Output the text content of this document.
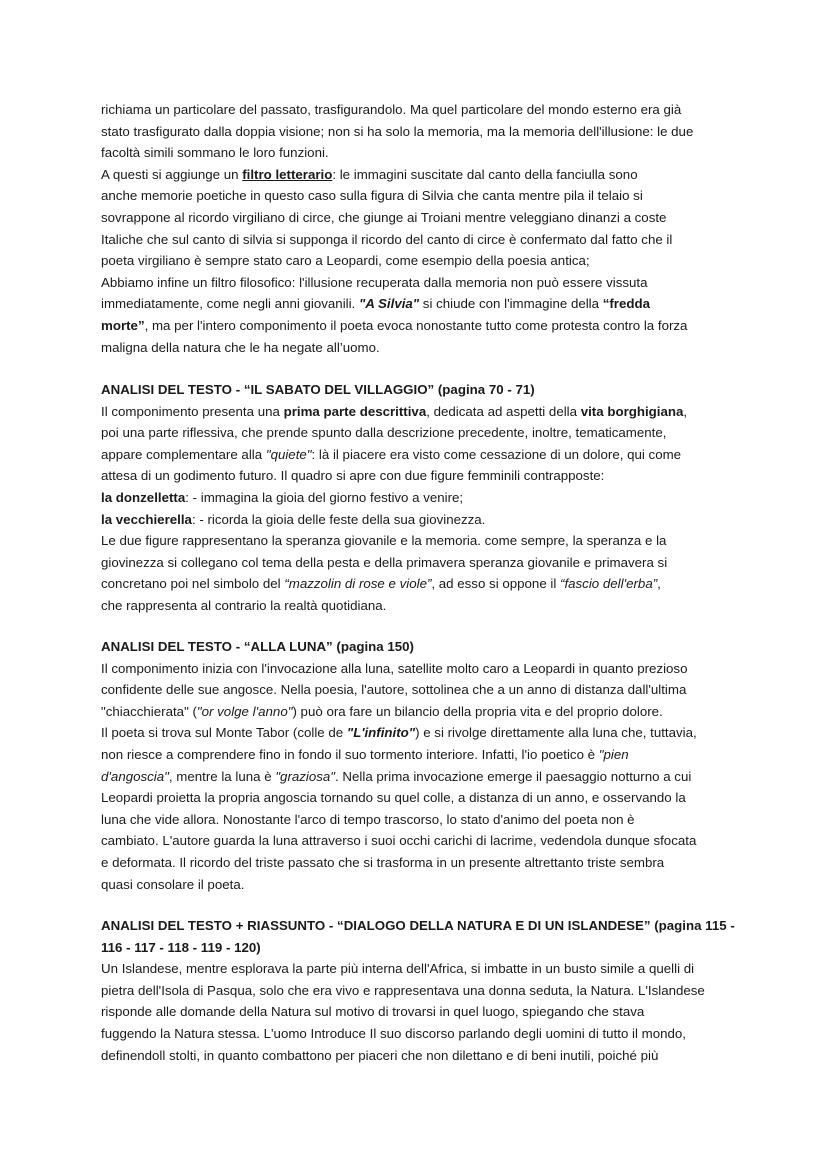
richiama un particolare del passato, trasfigurandolo. Ma quel particolare del mondo esterno era già
stato trasfigurato dalla doppia visione; non si ha solo la memoria, ma la memoria dell'illusione: le due
facoltà simili sommano le loro funzioni.
A questi si aggiunge un filtro letterario: le immagini suscitate dal canto della fanciulla sono
anche memorie poetiche in questo caso sulla figura di Silvia che canta mentre pila il telaio si
sovrappone al ricordo virgiliano di circe, che giunge ai Troiani mentre veleggiano dinanzi a coste
Italiche che sul canto di silvia si supponga il ricordo del canto di circe è confermato dal fatto che il
poeta virgiliano è sempre stato caro a Leopardi, come esempio della poesia antica;
Abbiamo infine un filtro filosofico: l'illusione recuperata dalla memoria non può essere vissuta
immediatamente, come negli anni giovanili. "A Silvia" si chiude con l'immagine della “fredda
morte”, ma per l'intero componimento il poeta evoca nonostante tutto come protesta contro la forza
maligna della natura che le ha negate all’uomo.
ANALISI DEL TESTO - “IL SABATO DEL VILLAGGIO” (pagina 70 - 71)
Il componimento presenta una prima parte descrittiva, dedicata ad aspetti della vita borghigiana,
poi una parte riflessiva, che prende spunto dalla descrizione precedente, inoltre, tematicamente,
appare complementare alla "quiete": là il piacere era visto come cessazione di un dolore, qui come
attesa di un godimento futuro. Il quadro si apre con due figure femminili contrapposte:
la donzelletta: - immagina la gioia del giorno festivo a venire;
la vecchierella: - ricorda la gioia delle feste della sua giovinezza.
Le due figure rappresentano la speranza giovanile e la memoria. come sempre, la speranza e la
giovinezza si collegano col tema della pesta e della primavera speranza giovanile e primavera si
concretano poi nel simbolo del “mazzolin di rose e viole”, ad esso si oppone il “fascio dell'erba”,
che rappresenta al contrario la realtà quotidiana.
ANALISI DEL TESTO - “ALLA LUNA” (pagina 150)
Il componimento inizia con l'invocazione alla luna, satellite molto caro a Leopardi in quanto prezioso
confidente delle sue angosce. Nella poesia, l'autore, sottolinea che a un anno di distanza dall'ultima
"chiacchierata" ("or volge l'anno") può ora fare un bilancio della propria vita e del proprio dolore.
Il poeta si trova sul Monte Tabor (colle de "L'infinito") e si rivolge direttamente alla luna che, tuttavia,
non riesce a comprendere fino in fondo il suo tormento interiore. Infatti, l'io poetico è "pien
d'angoscia", mentre la luna è "graziosa". Nella prima invocazione emerge il paesaggio notturno a cui
Leopardi proietta la propria angoscia tornando su quel colle, a distanza di un anno, e osservando la
luna che vide allora. Nonostante l'arco di tempo trascorso, lo stato d'animo del poeta non è
cambiato. L'autore guarda la luna attraverso i suoi occhi carichi di lacrime, vedendola dunque sfocata
e deformata. Il ricordo del triste passato che si trasforma in un presente altrettanto triste sembra
quasi consolare il poeta.
ANALISI DEL TESTO + RIASSUNTO - “DIALOGO DELLA NATURA E DI UN ISLANDESE” (pagina 115 -
116 - 117 - 118 - 119 - 120)
Un Islandese, mentre esplorava la parte più interna dell'Africa, si imbatte in un busto simile a quelli di
pietra dell'Isola di Pasqua, solo che era vivo e rappresentava una donna seduta, la Natura. L'Islandese
risponde alle domande della Natura sul motivo di trovarsi in quel luogo, spiegando che stava
fuggendo la Natura stessa. L'uomo Introduce Il suo discorso parlando degli uomini di tutto il mondo,
definendoll stolti, in quanto combattono per piaceri che non dilettano e di beni inutili, poiché più
